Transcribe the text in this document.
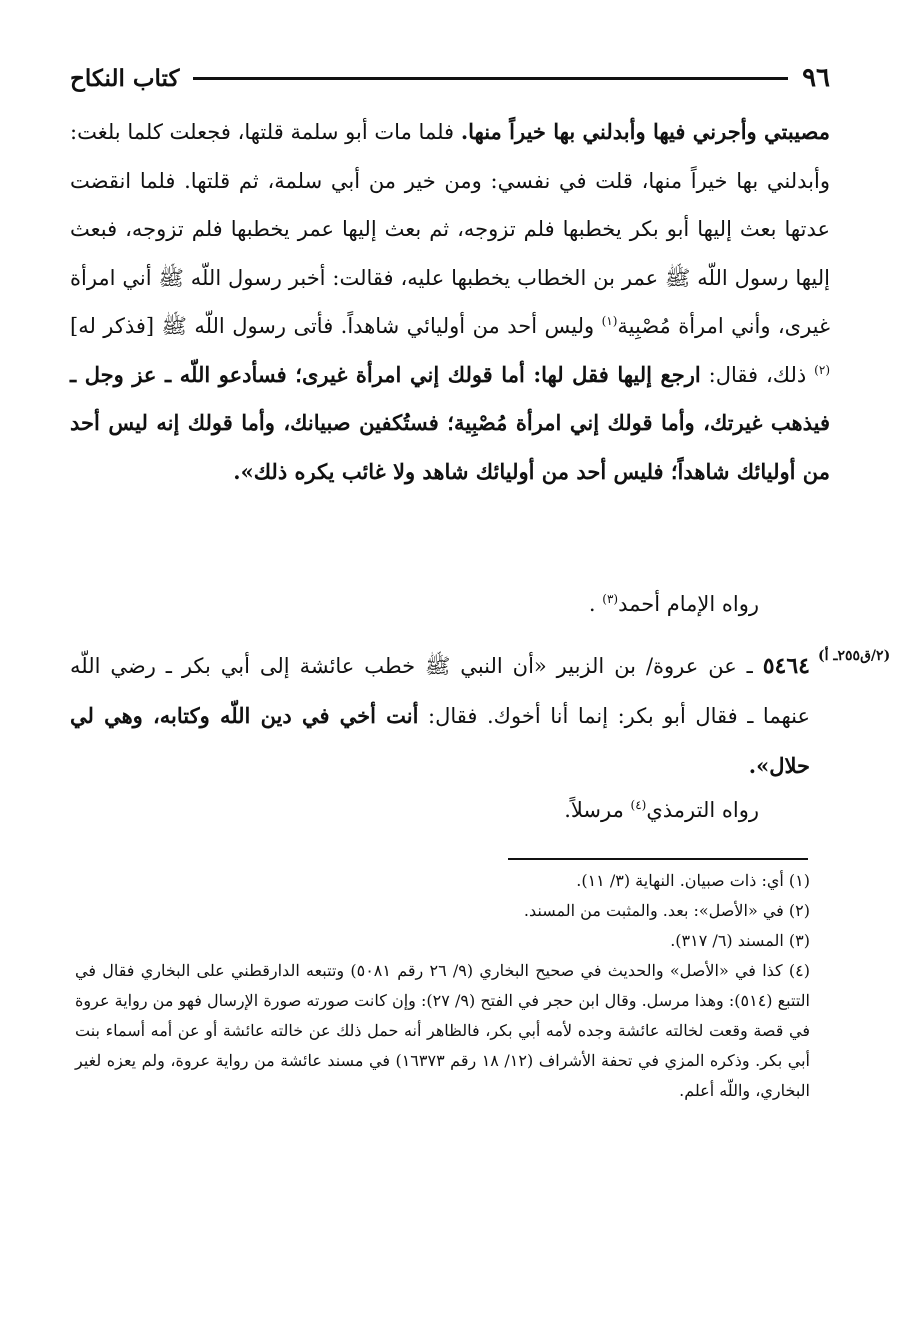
٩٦
كتاب النكاح
مصيبتي وأجرني فيها وأبدلني بها خيراً منها. فلما مات أبو سلمة قلتها، فجعلت كلما بلغت: وأبدلني بها خيراً منها، قلت في نفسي: ومن خير من أبي سلمة، ثم قلتها. فلما انقضت عدتها بعث إليها أبو بكر يخطبها فلم تزوجه، ثم بعث إليها عمر يخطبها فلم تزوجه، فبعث إليها رسول اللّه ﷺ عمر بن الخطاب يخطبها عليه، فقالت: أخبر رسول اللّه ﷺ أني امرأة غيرى، وأني امرأة مُصْبِية$^{(١)}$ وليس أحد من أوليائي شاهداً. فأتى رسول اللّه ﷺ [فذكر له]$^{(٢)}$ ذلك، فقال: ارجع إليها فقل لها: أما قولك إني امرأة غيرى؛ فسأدعو اللّه ـ عز وجل ـ فيذهب غيرتك، وأما قولك إني امرأة مُصْبِية؛ فستُكفين صبيانك، وأما قولك إنه ليس أحد من أوليائك شاهداً؛ فليس أحد من أوليائك شاهد ولا غائب يكره ذلك».
رواه الإمام أحمد$^{(٣)}$ .
(٢/ق٢٥٥ـ أ)
٥٤٦٤ ـ عن عروة/ بن الزبير «أن النبي ﷺ خطب عائشة إلى أبي بكر ـ رضي اللّه عنهما ـ فقال أبو بكر: إنما أنا أخوك. فقال: أنت أخي في دين اللّه وكتابه، وهي لي حلال».
رواه الترمذي$^{(٤)}$ مرسلاً.

(١) أي: ذات صبيان. النهاية (٣/ ١١).

(٢) في «الأصل»: بعد. والمثبت من المسند.

(٣) المسند (٦/ ٣١٧).

(٤) كذا في «الأصل» والحديث في صحيح البخاري (٩/ ٢٦ رقم ٥٠٨١) وتتبعه الدارقطني على البخاري فقال في التتبع (٥١٤): وهذا مرسل. وقال ابن حجر في الفتح (٩/ ٢٧): وإن كانت صورته صورة الإرسال فهو من رواية عروة في قصة وقعت لخالته عائشة وجده لأمه أبي بكر، فالظاهر أنه حمل ذلك عن خالته عائشة أو عن أمه أسماء بنت أبي بكر. وذكره المزي في تحفة الأشراف (١٢/ ١٨ رقم ١٦٣٧٣) في مسند عائشة من رواية عروة، ولم يعزه لغير البخاري، واللّه أعلم.
